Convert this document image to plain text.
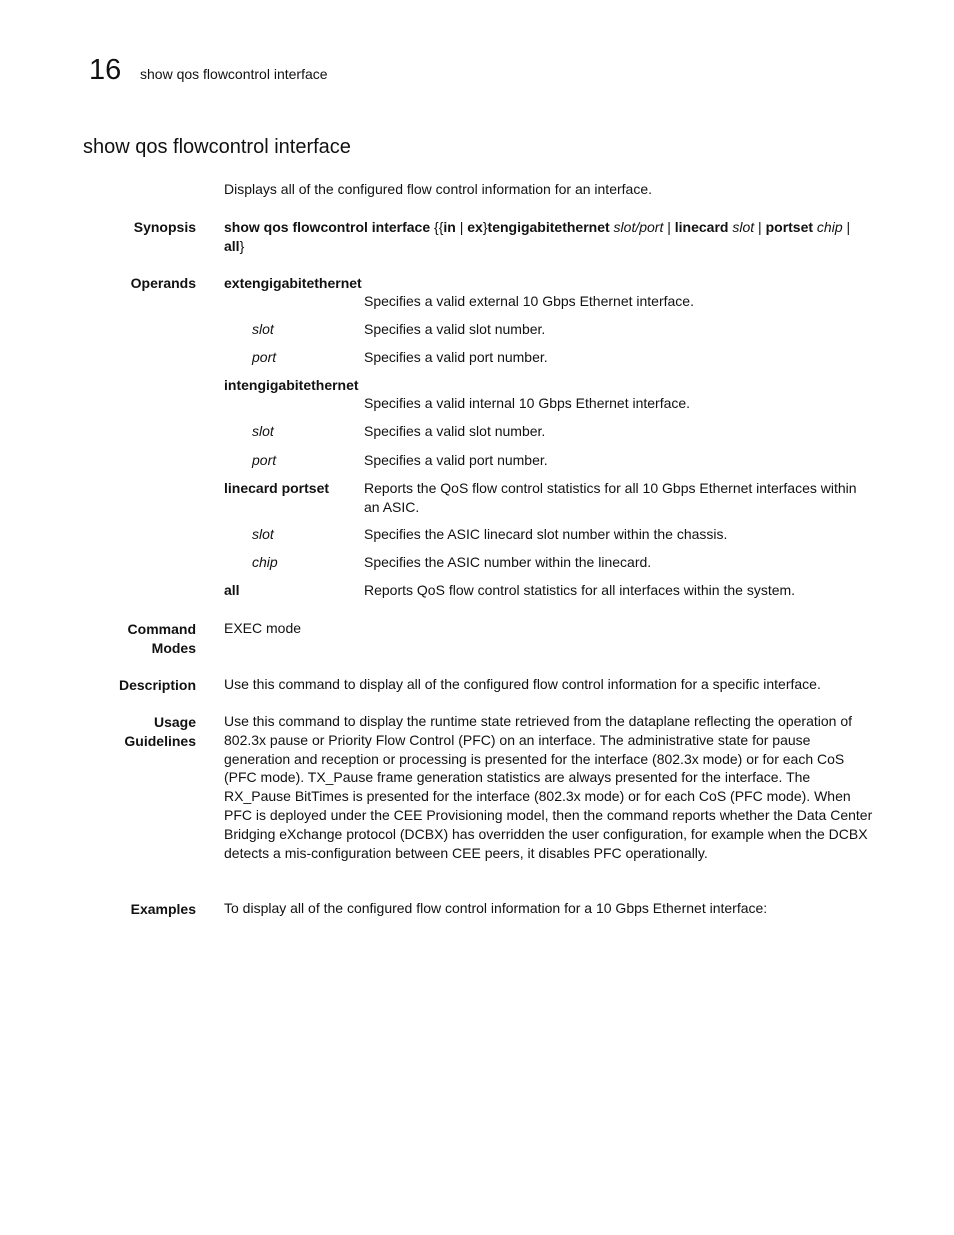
16 show qos flowcontrol interface
show qos flowcontrol interface
Displays all of the configured flow control information for an interface.
Synopsis show qos flowcontrol interface {{in | ex}tengigabitethernet slot/port | linecard slot | portset chip |
all}
Operands extengigabitethernet
Specifies a valid external 10 Gbps Ethernet interface.
slot	Specifies a valid slot number.
port	Specifies a valid port number.
intengigabitethernet
Specifies a valid internal 10 Gbps Ethernet interface.
slot	Specifies a valid slot number.
port	Specifies a valid port number.
linecard portset Reports the QoS flow control statistics for all 10 Gbps Ethernet interfaces within an ASIC.
slot	Specifies the ASIC linecard slot number within the chassis.
chip	Specifies the ASIC number within the linecard.
all	Reports QoS flow control statistics for all interfaces within the system.
Command
Modes
EXEC mode
Description Use this command to display all of the configured flow control information for a specific interface.
Usage
Guidelines
Use this command to display the runtime state retrieved from the dataplane reflecting the operation of 802.3x pause or Priority Flow Control (PFC) on an interface. The administrative state for pause generation and reception or processing is presented for the interface (802.3x mode) or for each CoS (PFC mode). TX_Pause frame generation statistics are always presented for the interface. The RX_Pause BitTimes is presented for the interface (802.3x mode) or for each CoS (PFC mode). When PFC is deployed under the CEE Provisioning model, then the command reports whether the Data Center Bridging eXchange protocol (DCBX) has overridden the user configuration, for example when the DCBX detects a mis-configuration between CEE peers, it disables PFC operationally.
Examples To display all of the configured flow control information for a 10 Gbps Ethernet interface:
